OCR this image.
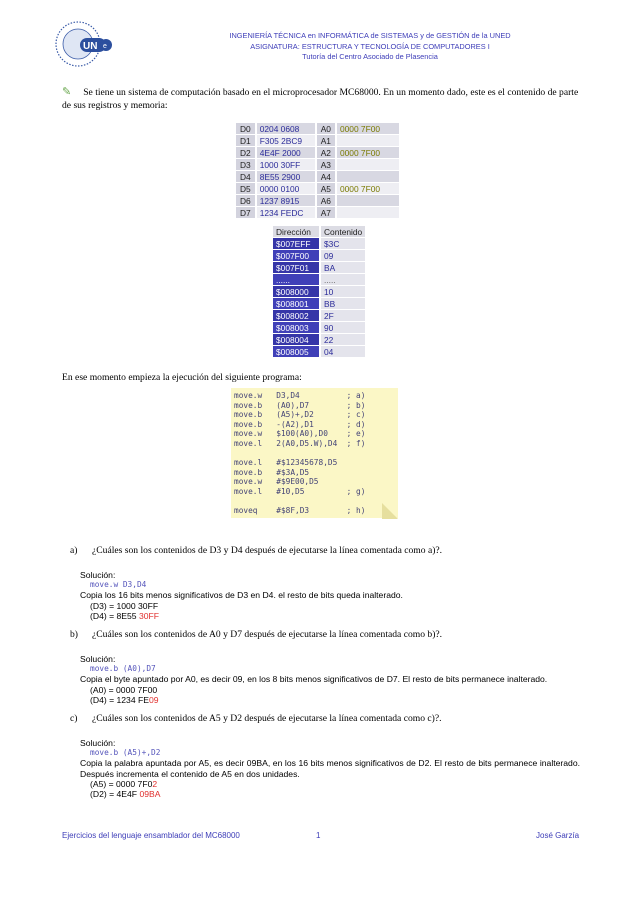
UN e
INGENIERÍA TÉCNICA en INFORMÁTICA de SISTEMAS y de GESTIÓN de la UNED
ASIGNATURA: ESTRUCTURA Y TECNOLOGÍA DE COMPUTADORES I
Tutoría del Centro Asociado de Plasencia
✎ Se tiene un sistema de computación basado en el microprocesador MC68000. En un momento dado, este es el contenido de parte de sus registros y memoria:
D0	0204 0608	A0	0000 7F00
D1	F305 2BC9	A1	
D2	4E4F 2000	A2	0000 7F00
D3	1000 30FF	A3	
D4	8E55 2900	A4	
D5	0000 0100	A5	0000 7F00
D6	1237 8915	A6	
D7	1234 FEDC	A7	
Dirección	Contenido
$007EFF	$3C
$007F00	09
$007F01	BA
......	.....
$008000	10
$008001	BB
$008002	2F
$008003	90
$008004	22
$008005	04
En ese momento empieza la ejecución del siguiente programa:
move.w   D3,D4          ; a)
move.b   (A0),D7        ; b)
move.b   (A5)+,D2       ; c)
move.b   -(A2),D1       ; d)
move.w   $100(A0),D0    ; e)
move.l   2(A0,D5.W),D4  ; f)
move.l   #$12345678,D5
move.b   #$3A,D5
move.w   #$9E00,D5
move.l   #10,D5         ; g)
moveq    #$8F,D3        ; h)
a) ¿Cuáles son los contenidos de D3 y D4 después de ejecutarse la línea comentada como a)?.
Solución:
move.w D3,D4
Copia los 16 bits menos significativos de D3 en D4. el resto de bits queda inalterado.
(D3) = 1000 30FF
(D4) = 8E55 30FF
b) ¿Cuáles son los contenidos de A0 y D7 después de ejecutarse la línea comentada como b)?.
Solución:
move.b (A0),D7
Copia el byte apuntado por A0, es decir 09, en los 8 bits menos significativos de D7. El resto de bits permanece inalterado.
(A0) = 0000 7F00
(D4) = 1234 FE09
c) ¿Cuáles son los contenidos de A5 y D2 después de ejecutarse la línea comentada como c)?.
Solución:
move.b (A5)+,D2
Copia la palabra apuntada por A5, es decir 09BA, en los 16 bits menos significativos de D2. El resto de bits permanece inalterado. Después incrementa el contenido de A5 en dos unidades.
(A5) = 0000 7F02
(D2) = 4E4F 09BA
Ejercicios del lenguaje ensamblador del MC68000	1	José Garzía
